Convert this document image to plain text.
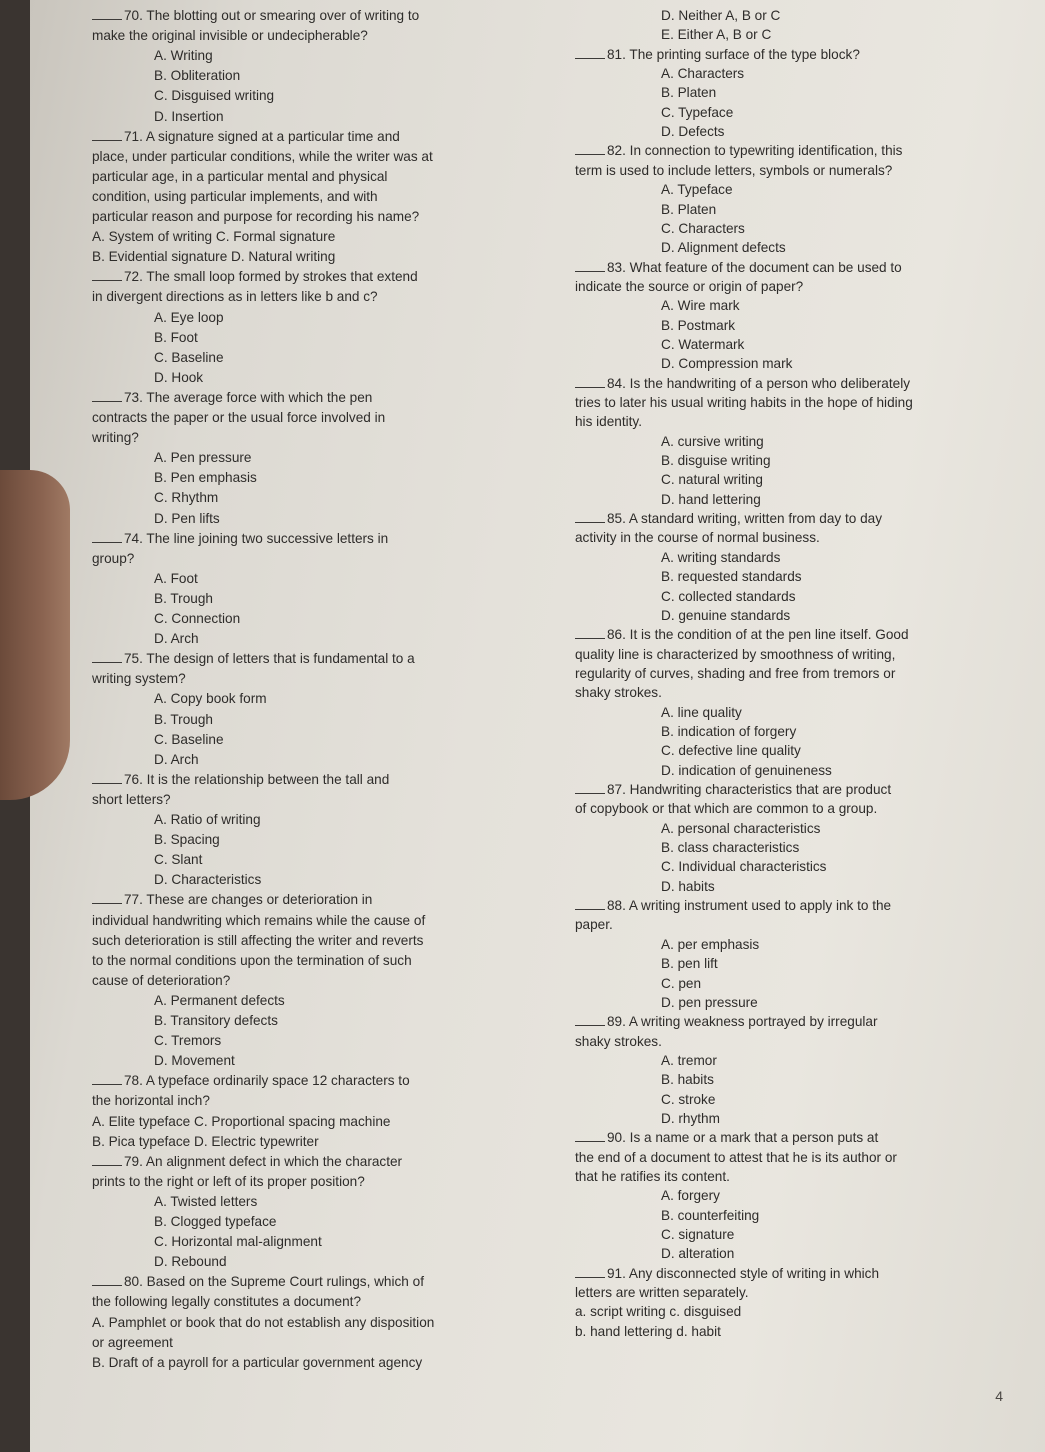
70. The blotting out or smearing over of writing to
make the original invisible or undecipherable?
A. Writing
B. Obliteration
C. Disguised writing
D. Insertion
71. A signature signed at a particular time and
place, under particular conditions, while the writer was at
particular age, in a particular mental and physical
condition, using particular implements, and with
particular reason and purpose for recording his name?
A. System of writing C. Formal signature
B. Evidential signature D. Natural writing
72. The small loop formed by strokes that extend
in divergent directions as in letters like b and c?
A. Eye loop
B. Foot
C. Baseline
D. Hook
73. The average force with which the pen
contracts the paper or the usual force involved in
writing?
A. Pen pressure
B. Pen emphasis
C. Rhythm
D. Pen lifts
74. The line joining two successive letters in
group?
A. Foot
B. Trough
C. Connection
D. Arch
75. The design of letters that is fundamental to a
writing system?
A. Copy book form
B. Trough
C. Baseline
D. Arch
76. It is the relationship between the tall and
short letters?
A. Ratio of writing
B. Spacing
C. Slant
D. Characteristics
77. These are changes or deterioration in
individual handwriting which remains while the cause of
such deterioration is still affecting the writer and reverts
to the normal conditions upon the termination of such
cause of deterioration?
A. Permanent defects
B. Transitory defects
C. Tremors
D. Movement
78. A typeface ordinarily space 12 characters to
the horizontal inch?
A. Elite typeface C. Proportional spacing machine
B. Pica typeface D. Electric typewriter
79. An alignment defect in which the character
prints to the right or left of its proper position?
A. Twisted letters
B. Clogged typeface
C. Horizontal mal-alignment
D. Rebound
80. Based on the Supreme Court rulings, which of
the following legally constitutes a document?
A. Pamphlet or book that do not establish any disposition
or agreement
B. Draft of a payroll for a particular government agency
D. Neither A, B or C
E. Either A, B or C
81. The printing surface of the type block?
A. Characters
B. Platen
C. Typeface
D. Defects
82. In connection to typewriting identification, this
term is used to include letters, symbols or numerals?
A. Typeface
B. Platen
C. Characters
D. Alignment defects
83. What feature of the document can be used to
indicate the source or origin of paper?
A. Wire mark
B. Postmark
C. Watermark
D. Compression mark
84. Is the handwriting of a person who deliberately
tries to later his usual writing habits in the hope of hiding
his identity.
A. cursive writing
B. disguise writing
C. natural writing
D. hand lettering
85. A standard writing, written from day to day
activity in the course of normal business.
A. writing standards
B. requested standards
C. collected standards
D. genuine standards
86. It is the condition of at the pen line itself. Good
quality line is characterized by smoothness of writing,
regularity of curves, shading and free from tremors or
shaky strokes.
A. line quality
B. indication of forgery
C. defective line quality
D. indication of genuineness
87. Handwriting characteristics that are product
of copybook or that which are common to a group.
A. personal characteristics
B. class characteristics
C. Individual characteristics
D. habits
88. A writing instrument used to apply ink to the
paper.
A. per emphasis
B. pen lift
C. pen
D. pen pressure
89. A writing weakness portrayed by irregular
shaky strokes.
A. tremor
B. habits
C. stroke
D. rhythm
90. Is a name or a mark that a person puts at
the end of a document to attest that he is its author or
that he ratifies its content.
A. forgery
B. counterfeiting
C. signature
D. alteration
91. Any disconnected style of writing in which
letters are written separately.
a. script writing c. disguised
b. hand lettering d. habit
4
